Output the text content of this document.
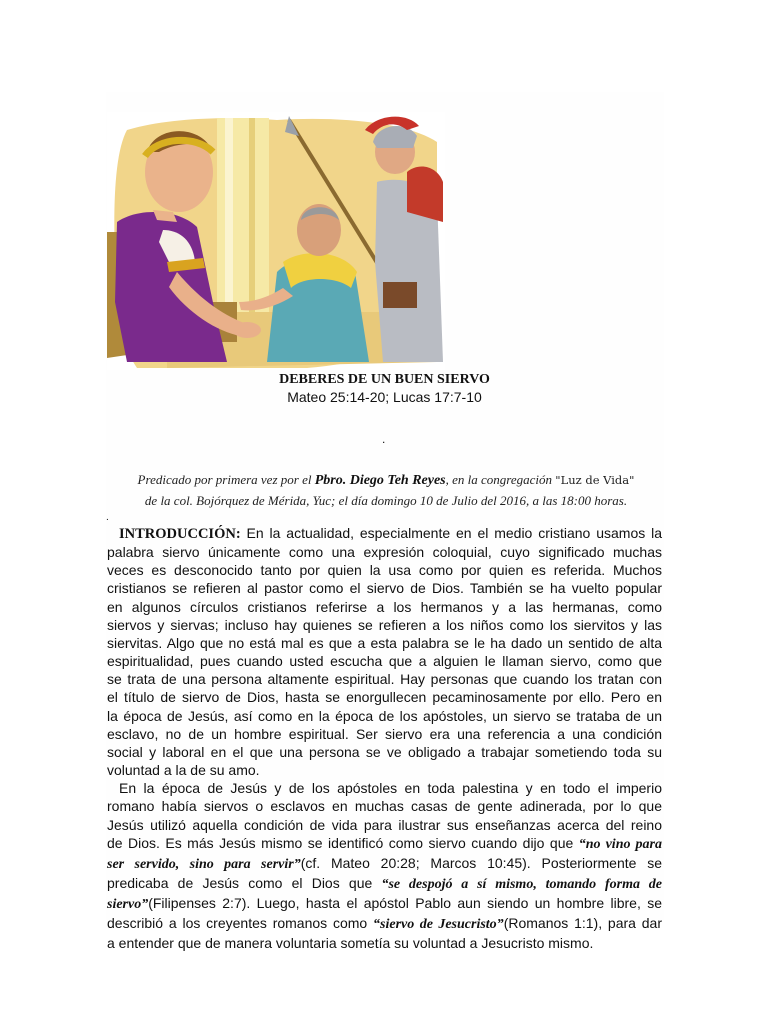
DEBERES DE UN BUEN SIERVO
Mateo 25:14-20; Lucas 17:7-10
.
Predicado por primera vez por el Pbro. Diego Teh Reyes, en la congregación "Luz de Vida"
de la col. Bojórquez de Mérida, Yuc; el día domingo 10 de Julio del 2016, a las 18:00 horas.
.
INTRODUCCIÓN: En la actualidad, especialmente en el medio cristiano usamos la
palabra siervo únicamente como una expresión coloquial, cuyo significado muchas
veces es desconocido tanto por quien la usa como por quien es referida. Muchos
cristianos se refieren al pastor como el siervo de Dios. También se ha vuelto popular
en algunos círculos cristianos referirse a los hermanos y a las hermanas, como
siervos y siervas; incluso hay quienes se refieren a los niños como los siervitos y las
siervitas. Algo que no está mal es que a esta palabra se le ha dado un sentido de alta
espiritualidad, pues cuando usted escucha que a alguien le llaman siervo, como que
se trata de una persona altamente espiritual. Hay personas que cuando los tratan con
el título de siervo de Dios, hasta se enorgullecen pecaminosamente por ello. Pero en
la época de Jesús, así como en la época de los apóstoles, un siervo se trataba de un
esclavo, no de un hombre espiritual. Ser siervo era una referencia a una condición
social y laboral en el que una persona se ve obligado a trabajar sometiendo toda su
voluntad a la de su amo.
En la época de Jesús y de los apóstoles en toda palestina y en todo el imperio
romano había siervos o esclavos en muchas casas de gente adinerada, por lo que
Jesús utilizó aquella condición de vida para ilustrar sus enseñanzas acerca del reino
de Dios. Es más Jesús mismo se identificó como siervo cuando dijo que “no vino para
ser servido, sino para servir”(cf. Mateo 20:28; Marcos 10:45). Posteriormente se
predicaba de Jesús como el Dios que “se despojó a sí mismo, tomando forma de
siervo”(Filipenses 2:7). Luego, hasta el apóstol Pablo aun siendo un hombre libre, se
describió a los creyentes romanos como “siervo de Jesucristo”(Romanos 1:1), para dar
a entender que de manera voluntaria sometía su voluntad a Jesucristo mismo.
